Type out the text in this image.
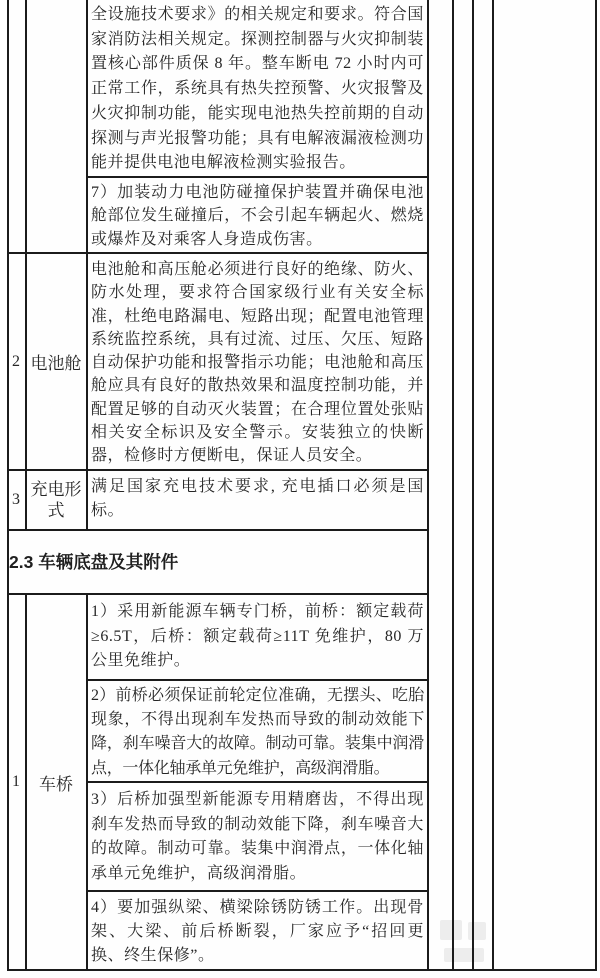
全设施技术要求》的相关规定和要求。符合国家消防法相关规定。探测控制器与火灾抑制装置核心部件质保 8 年。整车断电 72 小时内可正常工作，系统具有热失控预警、火灾报警及火灾抑制功能，能实现电池热失控前期的自动探测与声光报警功能；具有电解液漏液检测功能并提供电池电解液检测实验报告。
7）加装动力电池防碰撞保护装置并确保电池舱部位发生碰撞后，不会引起车辆起火、燃烧或爆炸及对乘客人身造成伤害。
电池舱和高压舱必须进行良好的绝缘、防火、防水处理，要求符合国家级行业有关安全标准，杜绝电路漏电、短路出现；配置电池管理系统监控系统，具有过流、过压、欠压、短路自动保护功能和报警指示功能；电池舱和高压舱应具有良好的散热效果和温度控制功能，并配置足够的自动灭火装置；在合理位置处张贴相关安全标识及安全警示。安装独立的快断器，检修时方便断电，保证人员安全。
满足国家充电技术要求, 充电插口必须是国标。
1）采用新能源车辆专门桥，前桥：额定载荷≥6.5T，后桥：额定载荷≥11T 免维护，80 万公里免维护。
2）前桥必须保证前轮定位准确，无摆头、吃胎现象，不得出现刹车发热而导致的制动效能下降，刹车噪音大的故障。制动可靠。装集中润滑点，一体化轴承单元免维护，高级润滑脂。
3）后桥加强型新能源专用精磨齿，不得出现刹车发热而导致的制动效能下降，刹车噪音大的故障。制动可靠。装集中润滑点，一体化轴承单元免维护，高级润滑脂。
4）要加强纵梁、横梁除锈防锈工作。出现骨架、大梁、前后桥断裂，厂家应予“招回更换、终生保修”。
2 电池舱
3
充电形式
1	车桥
2.3 车辆底盘及其附件
